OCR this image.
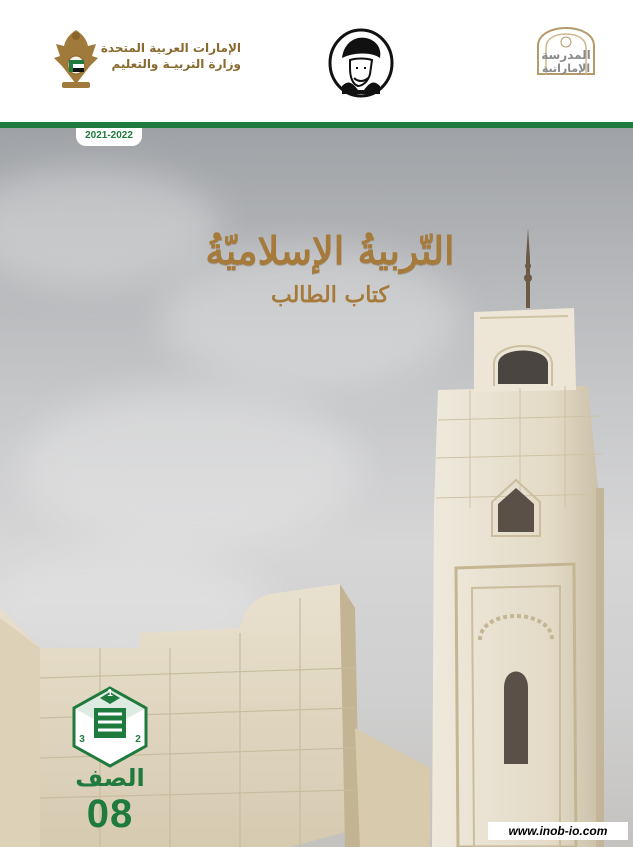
الإمارات العربية المتحدة
وزارة التربيـة والتعليم
المدرسة
الإماراتية
2021-2022
التّربيةُ الإسلاميّةُ
كتاب الطالب
1
2
3
الصف
08	www.inob-io.com
